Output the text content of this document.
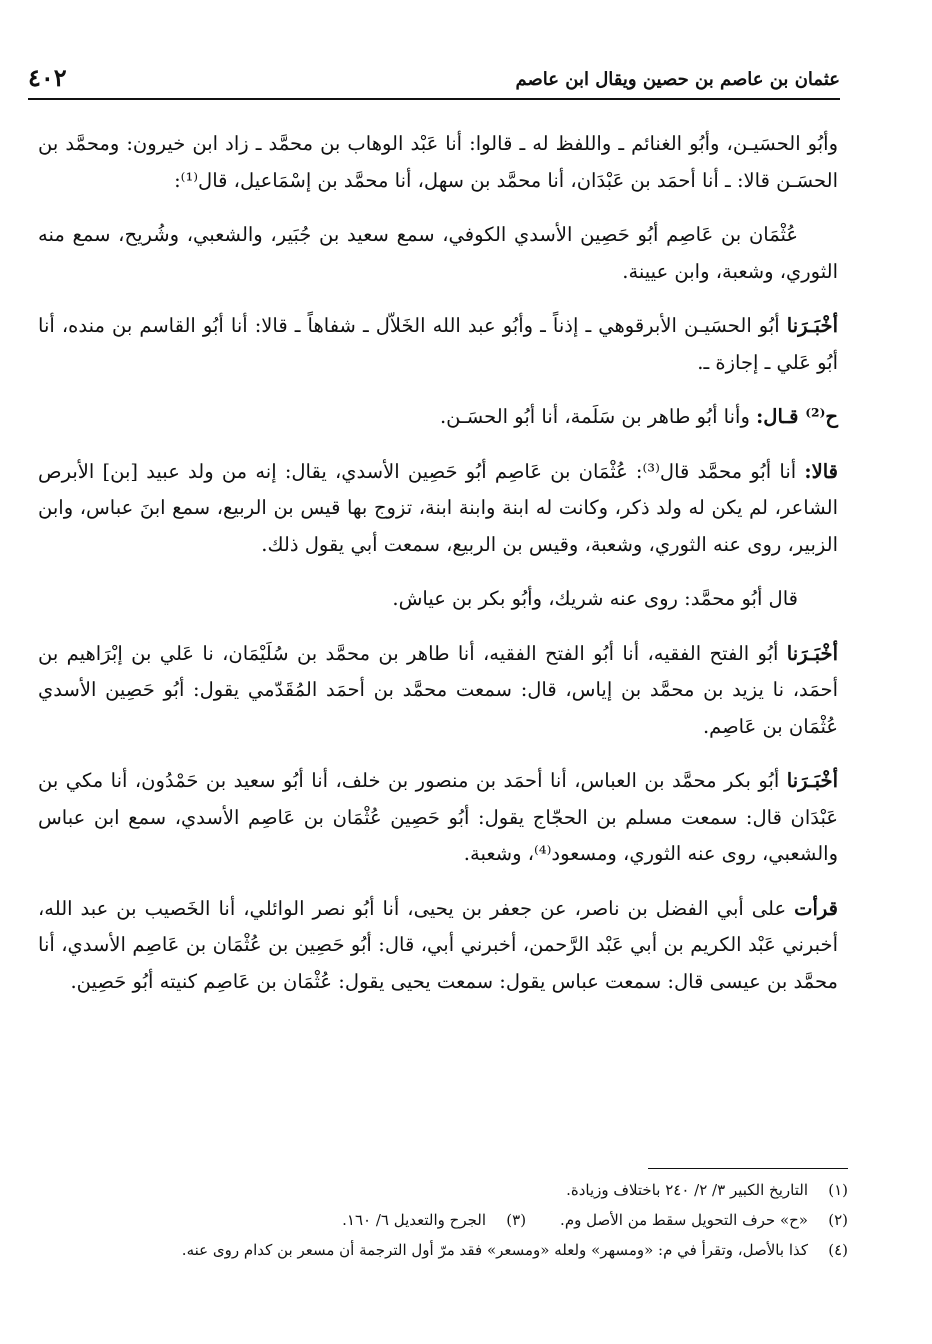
عثمان بن عاصم بن حصين ويقال ابن عاصم
٤٠٢

وأبُو الحسَيـن، وأبُو الغنائم ـ واللفظ له ـ قالوا: أنا عَبْد الوهاب بن محمَّد ـ زاد ابن خيرون: ومحمَّد بن الحسَـن قالا: ـ أنا أحمَد بن عَبْدَان، أنا محمَّد بن سهل، أنا محمَّد بن إسْمَاعيل، قال⁽¹⁾:

عُثْمَان بن عَاصِم أبُو حَصِين الأسدي الكوفي، سمع سعيد بن جُبَير، والشعبي، وشُريح، سمع منه الثوري، وشعبة، وابن عيينة.

أخْبَـرَنا أبُو الحسَيـن الأبرقوهي ـ إذناً ـ وأبُو عبد الله الخَلاّل ـ شفاهاً ـ قالا: أنا أبُو القاسم بن منده، أنا أبُو عَلي ـ إجازة ـ.

ح⁽²⁾ قـال: وأنا أبُو طاهر بن سَلَمة، أنا أبُو الحسَـن.

قالا: أنا أبُو محمَّد قال⁽³⁾: عُثْمَان بن عَاصِم أبُو حَصِين الأسدي، يقال: إنه من ولد عبيد [بن] الأبرص الشاعر، لم يكن له ولد ذكر، وكانت له ابنة وابنة ابنة، تزوج بها قيس بن الربيع، سمع ابنَ عباس، وابن الزبير، روى عنه الثوري، وشعبة، وقيس بن الربيع، سمعت أبي يقول ذلك.

قال أبُو محمَّد: روى عنه شريك، وأبُو بكر بن عياش.

أخْبَـرَنا أبُو الفتح الفقيه، أنا أبُو الفتح الفقيه، أنا طاهر بن محمَّد بن سُلَيْمَان، نا عَلي بن إبْرَاهيم بن أحمَد، نا يزيد بن محمَّد بن إياس، قال: سمعت محمَّد بن أحمَد المُقَدّمي يقول: أبُو حَصِين الأسدي عُثْمَان بن عَاصِم.

أخْبَـرَنا أبُو بكر محمَّد بن العباس، أنا أحمَد بن منصور بن خلف، أنا أبُو سعيد بن حَمْدُون، أنا مكي بن عَبْدَان قال: سمعت مسلم بن الحجّاج يقول: أبُو حَصِين عُثْمَان بن عَاصِم الأسدي، سمع ابن عباس والشعبي، روى عنه الثوري، ومسعود⁽⁴⁾، وشعبة.

قرأت على أبي الفضل بن ناصر، عن جعفر بن يحيى، أنا أبُو نصر الوائلي، أنا الخَصيب بن عبد الله، أخبرني عَبْد الكريم بن أبي عَبْد الرَّحمن، أخبرني أبي، قال: أبُو حَصِين بن عُثْمَان بن عَاصِم الأسدي، أنا محمَّد بن عيسى قال: سمعت عباس يقول: سمعت يحيى يقول: عُثْمَان بن عَاصِم كنيته أبُو حَصِين.

(١)التاريخ الكبير ٣/ ٢/ ٢٤٠ باختلاف وزيادة.

(٢)«ح» حرف التحويل سقط من الأصل وم.(٣)الجرح والتعديل ٦/ ١٦٠.

(٤)كذا بالأصل، وتقرأ في م: «ومسهر» ولعله «ومسعر» فقد مرّ أول الترجمة أن مسعر بن كدام روى عنه.
